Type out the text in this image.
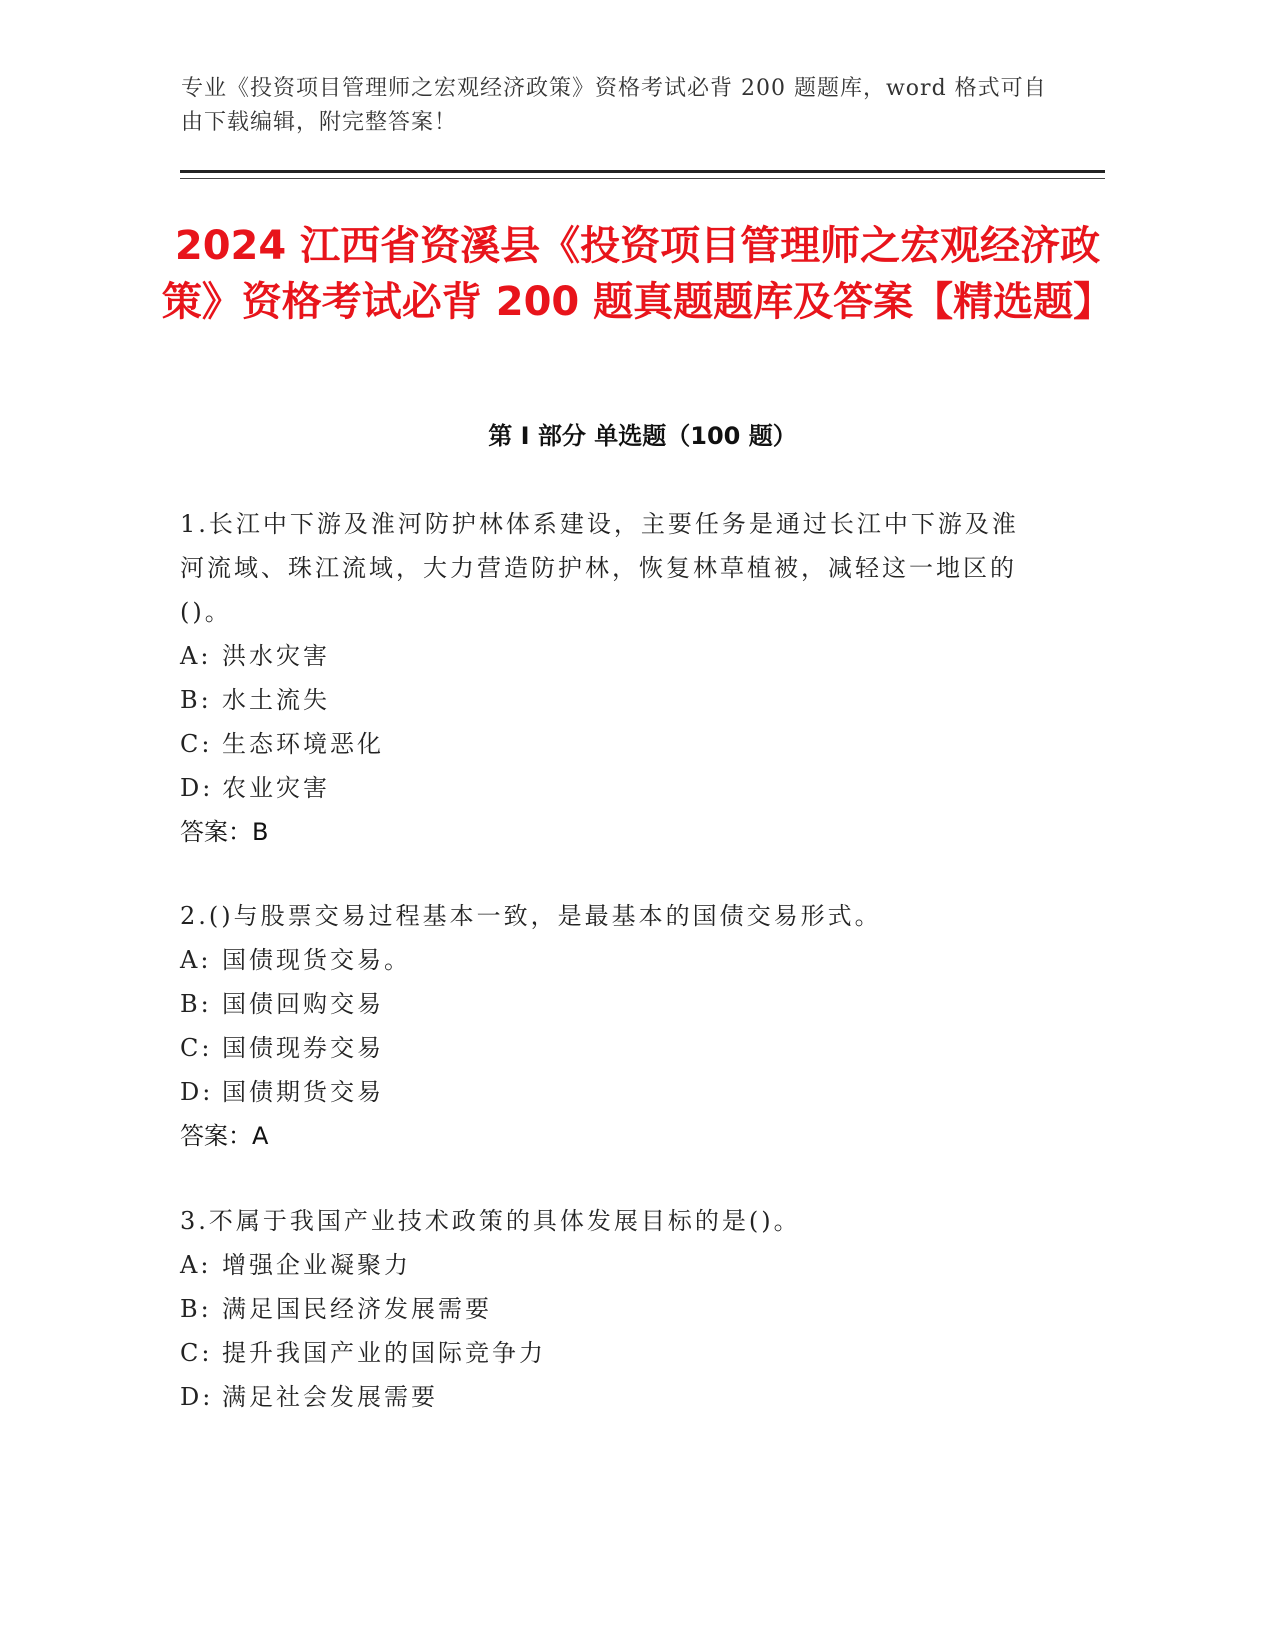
专业《投资项目管理师之宏观经济政策》资格考试必背 200 题题库，word 格式可自由下载编辑，附完整答案！

2024 江西省资溪县《投资项目管理师之宏观经济政策》资格考试必背 200 题真题题库及答案【精选题】
第 I 部分 单选题（100 题）

1.长江中下游及淮河防护林体系建设，主要任务是通过长江中下游及淮河流域、珠江流域，大力营造防护林，恢复林草植被，减轻这一地区的()。

A: 洪水灾害

B: 水土流失

C: 生态环境恶化

D: 农业灾害

答案：B

2.()与股票交易过程基本一致，是最基本的国债交易形式。

A: 国债现货交易。

B: 国债回购交易

C: 国债现券交易

D: 国债期货交易

答案：A

3.不属于我国产业技术政策的具体发展目标的是()。

A: 增强企业凝聚力

B: 满足国民经济发展需要

C: 提升我国产业的国际竞争力

D: 满足社会发展需要
